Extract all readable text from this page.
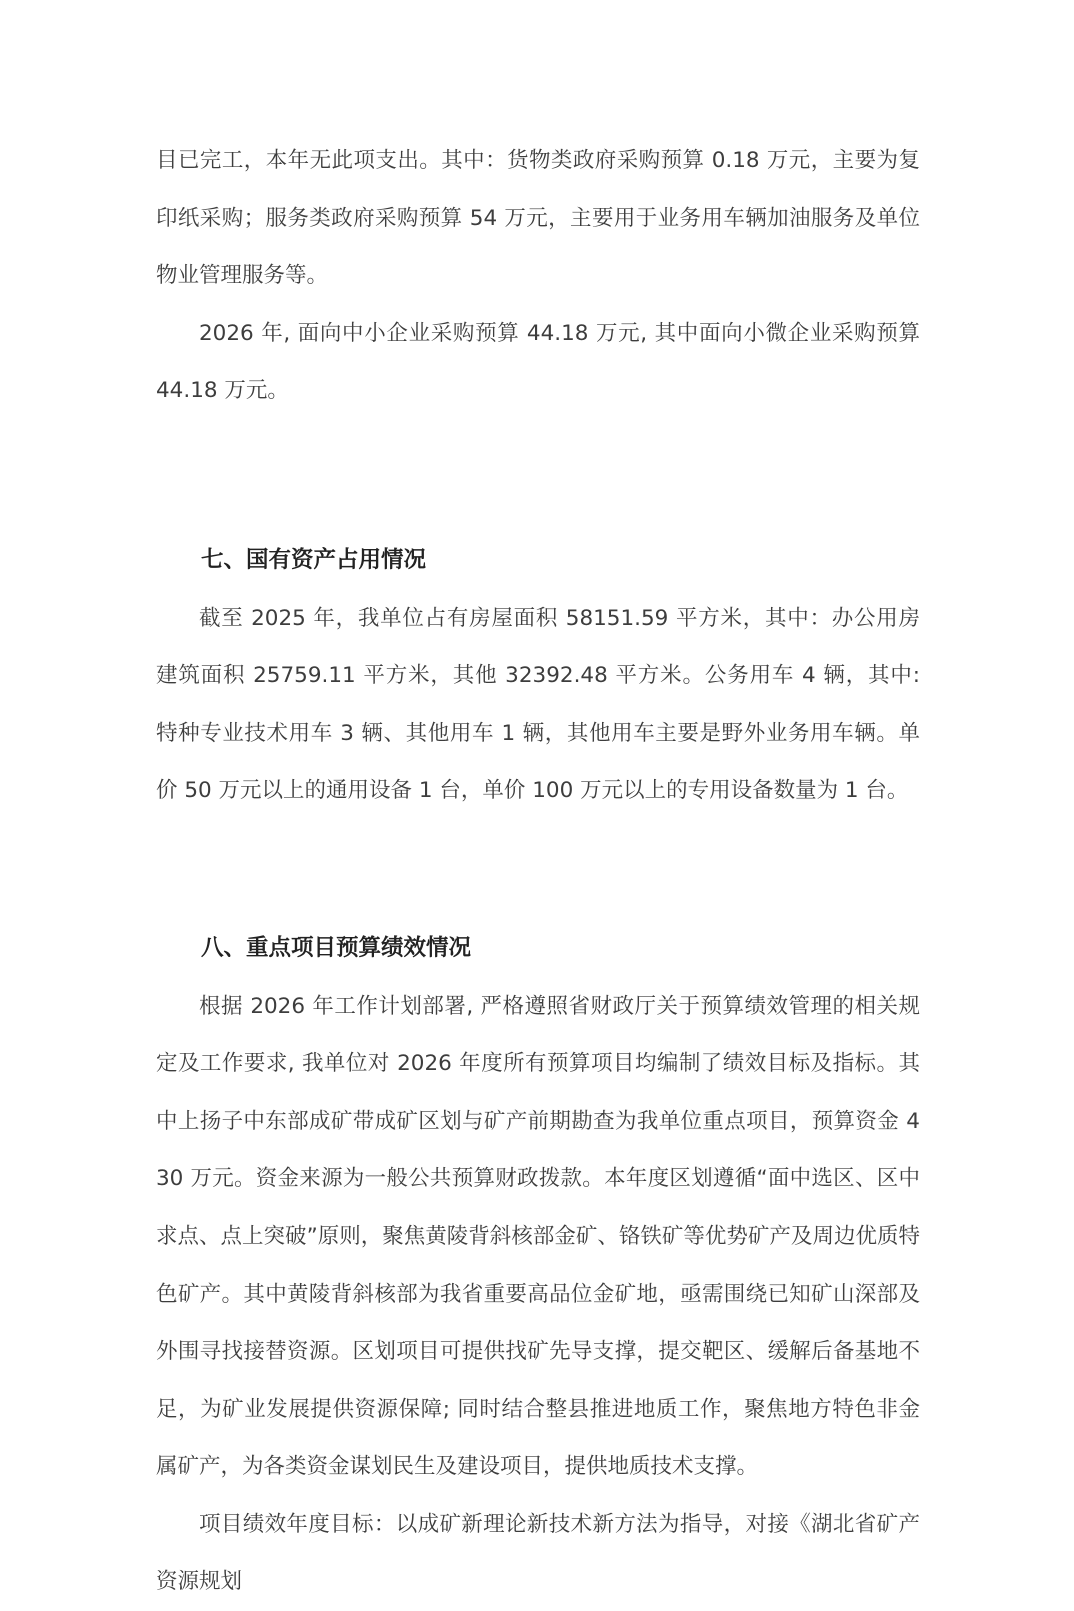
目已完工，本年无此项支出。其中：货物类政府采购预算 0.18 万元，主要为复印纸采购；服务类政府采购预算 54 万元，主要用于业务用车辆加油服务及单位物业管理服务等。

2026 年, 面向中小企业采购预算 44.18 万元, 其中面向小微企业采购预算 44.18 万元。

七、国有资产占用情况

截至 2025 年，我单位占有房屋面积 58151.59 平方米，其中：办公用房建筑面积 25759.11 平方米，其他 32392.48 平方米。公务用车 4 辆，其中: 特种专业技术用车 3 辆、其他用车 1 辆，其他用车主要是野外业务用车辆。单价 50 万元以上的通用设备 1 台，单价 100 万元以上的专用设备数量为 1 台。

八、重点项目预算绩效情况

根据 2026 年工作计划部署, 严格遵照省财政厅关于预算绩效管理的相关规定及工作要求, 我单位对 2026 年度所有预算项目均编制了绩效目标及指标。其中上扬子中东部成矿带成矿区划与矿产前期勘查为我单位重点项目，预算资金 430 万元。资金来源为一般公共预算财政拨款。本年度区划遵循“面中选区、区中求点、点上突破”原则，聚焦黄陵背斜核部金矿、铬铁矿等优势矿产及周边优质特色矿产。其中黄陵背斜核部为我省重要高品位金矿地，亟需围绕已知矿山深部及外围寻找接替资源。区划项目可提供找矿先导支撑，提交靶区、缓解后备基地不足，为矿业发展提供资源保障; 同时结合整县推进地质工作，聚焦地方特色非金属矿产，为各类资金谋划民生及建设项目，提供地质技术支撑。

项目绩效年度目标：以成矿新理论新技术新方法为指导，对接《湖北省矿产资源规划
